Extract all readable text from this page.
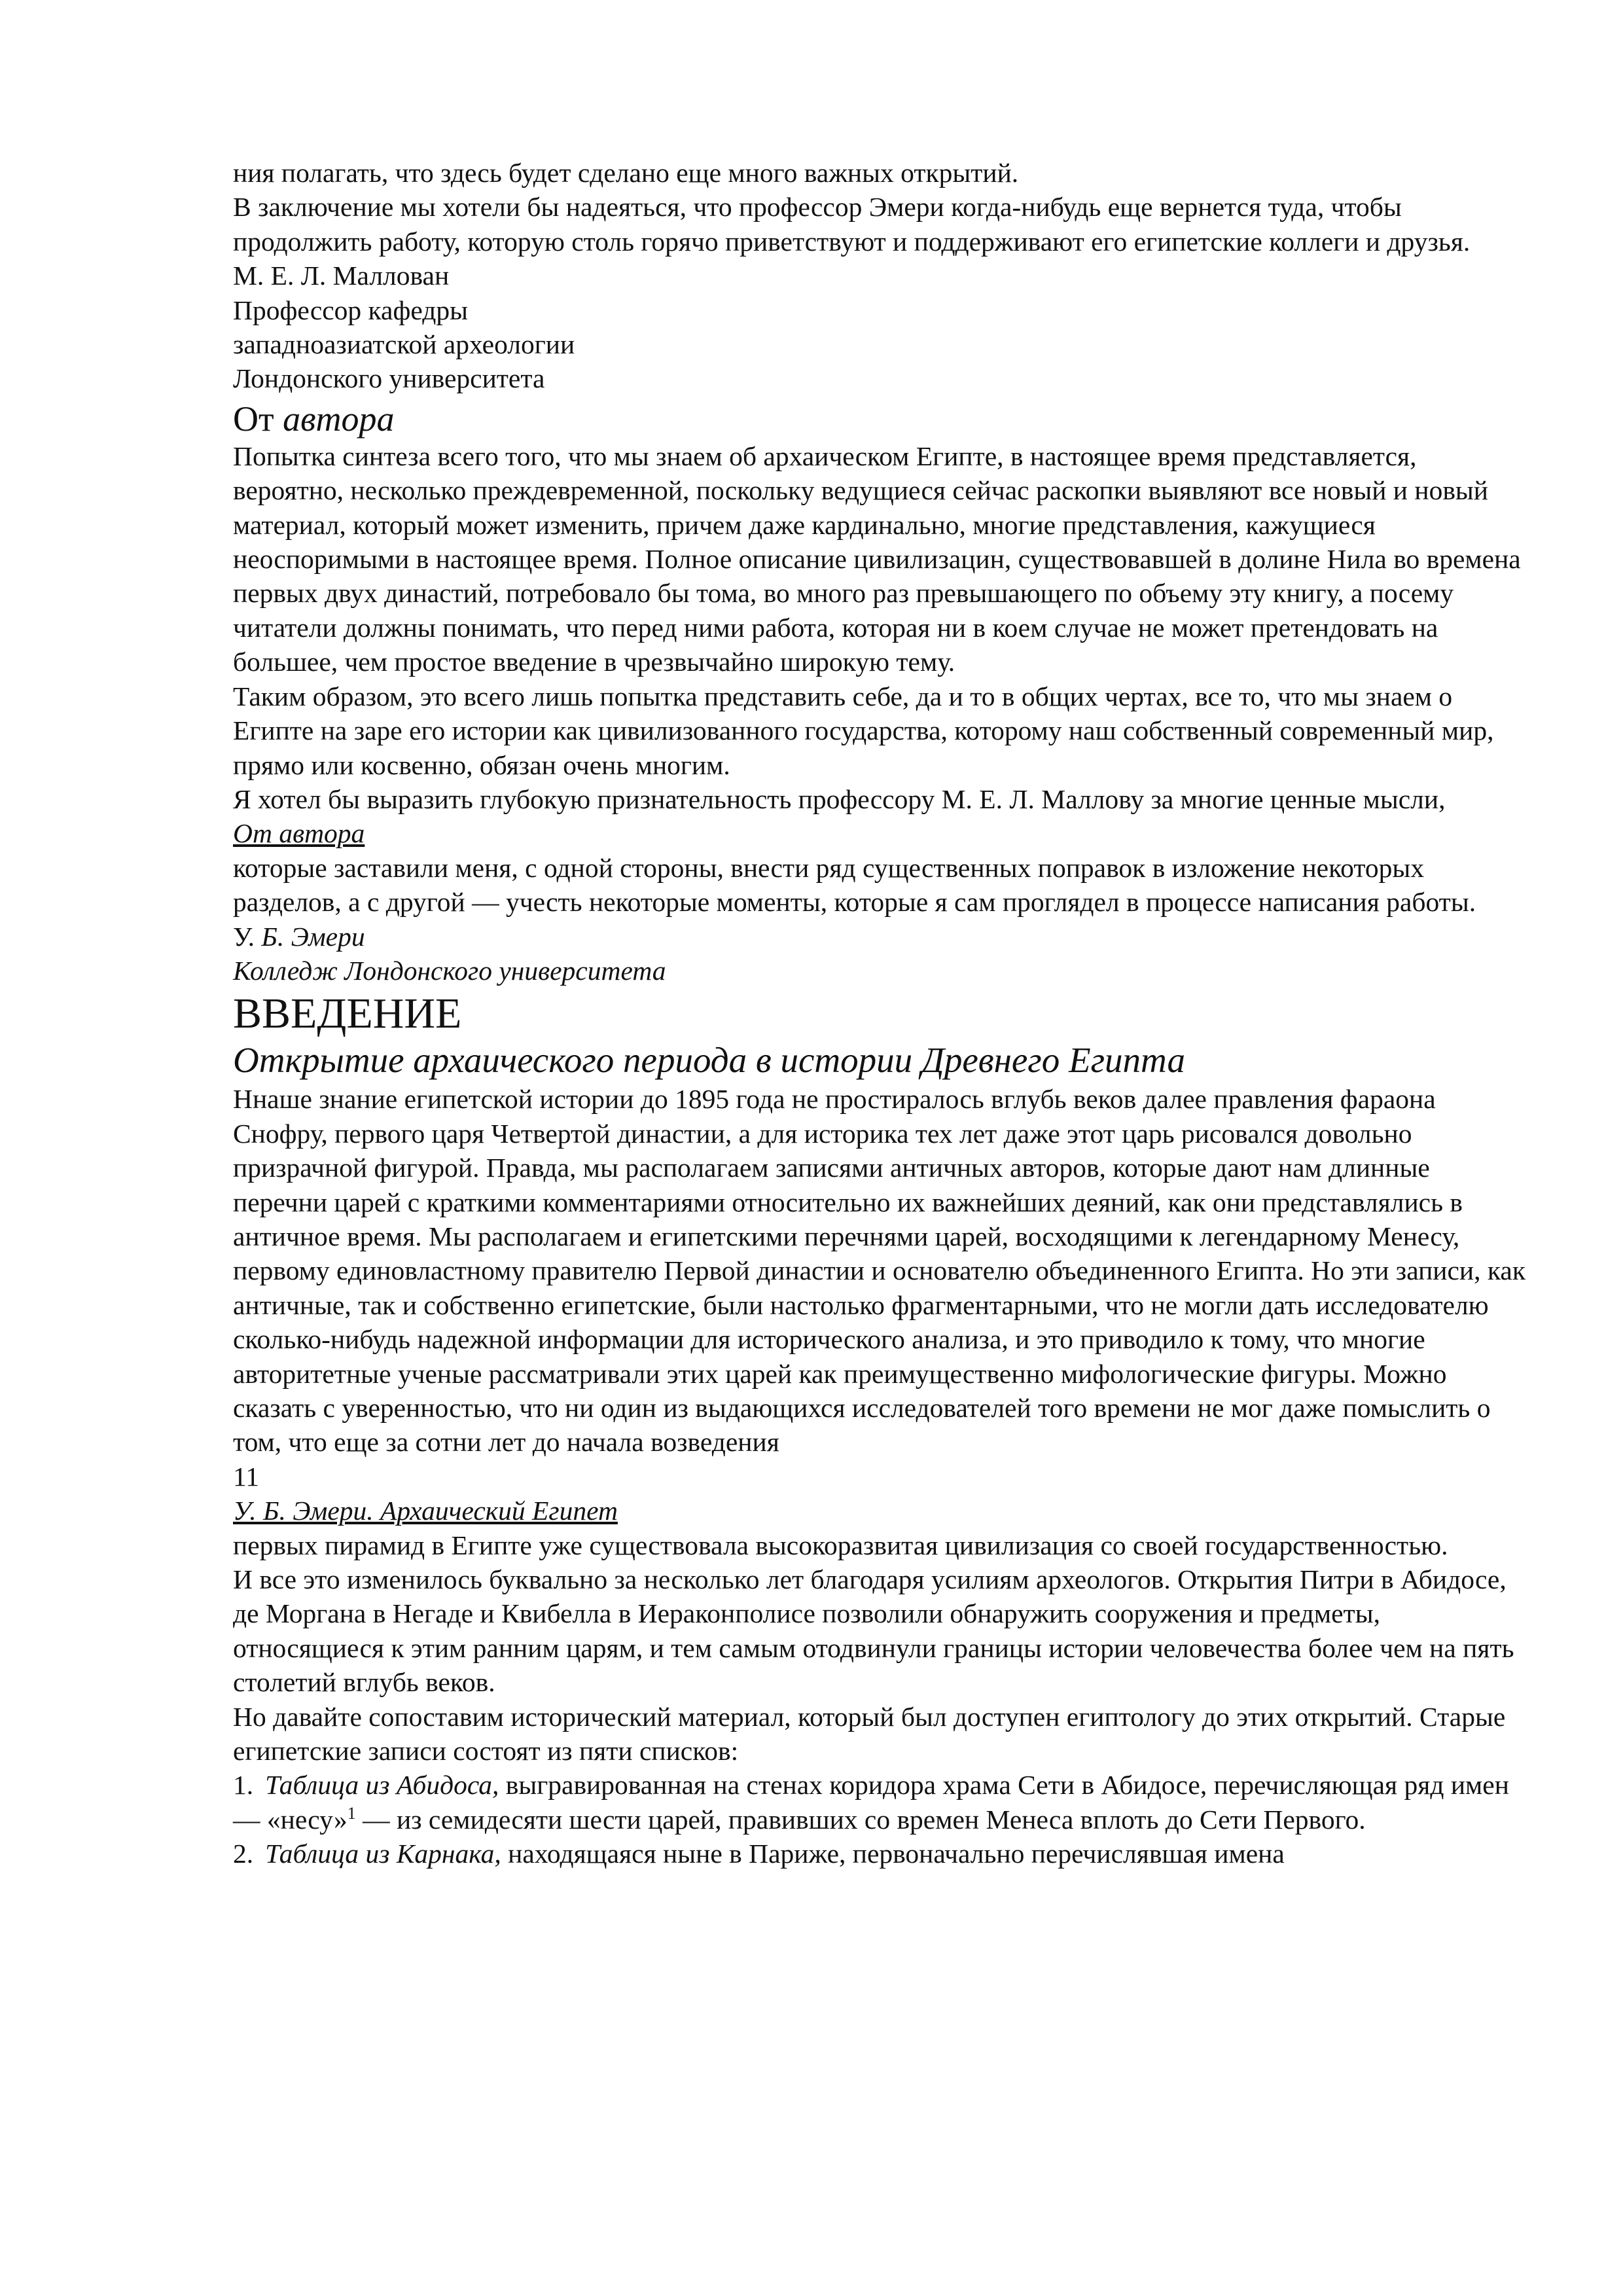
ния полагать, что здесь будет сделано еще много важных открытий.

В заключение мы хотели бы надеяться, что профессор Эмери когда-нибудь еще вернется туда, чтобы продолжить работу, которую столь горячо приветствуют и поддерживают его египетские коллеги и друзья.

М. Е. Л. Маллован

Профессор кафедры

западноазиатской археологии

Лондонского университета

От автора

Попытка синтеза всего того, что мы знаем об архаическом Египте, в настоящее время представляется, вероятно, несколько преждевременной, поскольку ведущиеся сейчас раскопки выявляют все новый и новый материал, который может изменить, причем даже кардинально, многие представления, кажущиеся неоспоримыми в настоящее время. Полное описание цивилизацин, существовавшей в долине Нила во времена первых двух династий, потребовало бы тома, во много раз превышающего по объему эту книгу, а посему читатели должны понимать, что перед ними работа, которая ни в коем случае не может претендовать на большее, чем простое введение в чрезвычайно широкую тему.

Таким образом, это всего лишь попытка представить себе, да и то в общих чертах, все то, что мы знаем о Египте на заре его истории как цивилизованного государства, которому наш собственный современный мир, прямо или косвенно, обязан очень многим.

Я хотел бы выразить глубокую признательность профессору М. Е. Л. Маллову за многие ценные мысли,

От автора

которые заставили меня, с одной стороны, внести ряд существенных поправок в изложение некоторых разделов, а с другой — учесть некоторые моменты, которые я сам проглядел в процессе написания работы.

У. Б. Эмери

Колледж Лондонского университета

ВВЕДЕНИЕ

Открытие архаического периода в истории Древнего Египта

Ннаше знание египетской истории до 1895 года не простиралось вглубь веков далее правления фараона Снофру, первого царя Четвертой династии, а для историка тех лет даже этот царь рисовался довольно призрачной фигурой. Правда, мы располагаем записями античных авторов, которые дают нам длинные перечни царей с краткими комментариями относительно их важнейших деяний, как они представлялись в античное время. Мы располагаем и египетскими перечнями царей, восходящими к легендарному Менесу, первому единовластному правителю Первой династии и основателю объединенного Египта. Но эти записи, как античные, так и собственно египетские, были настолько фрагментарными, что не могли дать исследователю сколько-нибудь надежной информации для исторического анализа, и это приводило к тому, что многие авторитетные ученые рассматривали этих царей как преимущественно мифологические фигуры. Можно сказать с уверенностью, что ни один из выдающихся исследователей того времени не мог даже помыслить о том, что еще за сотни лет до начала возведения

11

У. Б. Эмери. Архаический Египет

первых пирамид в Египте уже существовала высокоразвитая цивилизация со своей государственностью.

И все это изменилось буквально за несколько лет благодаря усилиям археологов. Открытия Питри в Абидосе, де Моргана в Негаде и Квибелла в Иераконполисе позволили обнаружить сооружения и предметы, относящиеся к этим ранним царям, и тем самым отодвинули границы истории человечества более чем на пять столетий вглубь веков.

Но давайте сопоставим исторический материал, который был доступен египтологу до этих открытий. Старые египетские записи состоят из пяти списков:

1. Таблица из Абидоса, выгравированная на стенах коридора храма Сети в Абидосе, перечисляющая ряд имен — «несу»$^1$ — из семидесяти шести царей, правивших со времен Менеса вплоть до Сети Первого.

2. Таблица из Карнака, находящаяся ныне в Париже, первоначально перечислявшая имена
